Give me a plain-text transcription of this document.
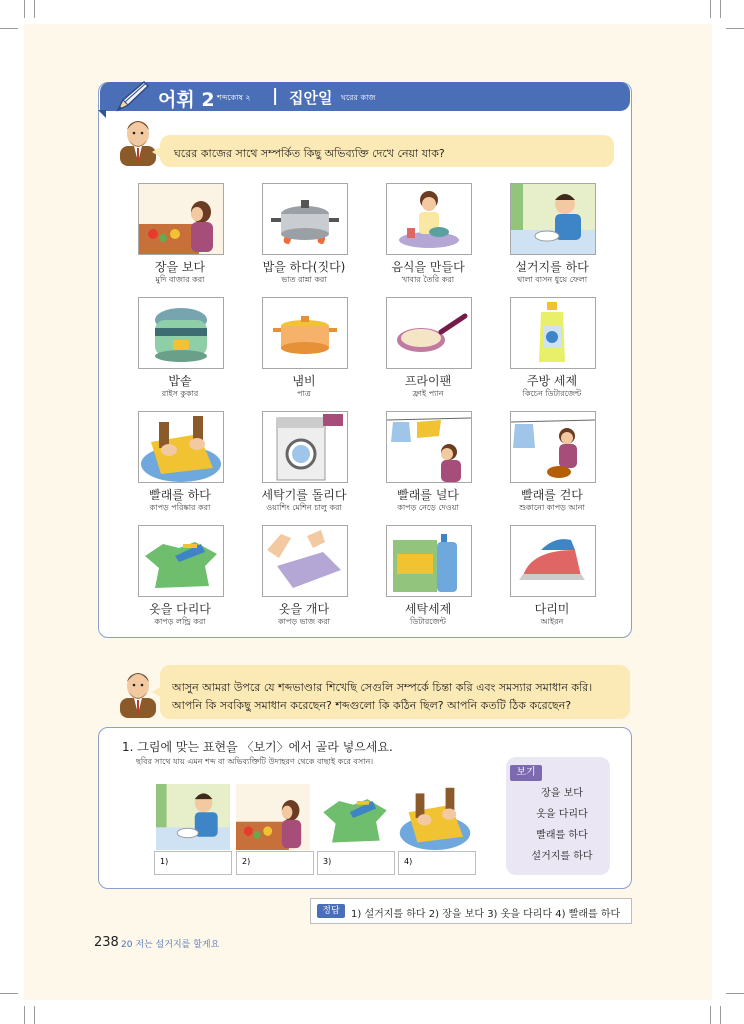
어휘 2 শব্দকোষ ২ | 집안일 ঘরের কাজ
ঘরের কাজের সাথে সম্পর্কিত কিছু অভিব্যক্তি দেখে নেয়া যাক?
장을 보다
মুদি বাজার করা
밥을 하다(짓다)
ভাত রান্না করা
음식을 만들다
খাবার তৈরি করা
설거지를 하다
থালা বাসন ধুয়ে ফেলা
밥솥
রাইস কুকার
냄비
পাত্র
프라이팬
ফ্রাই প্যান
주방 세제
কিচেন ডিটারজেন্ট
빨래를 하다
কাপড় পরিষ্কার করা
세탁기를 돌리다
ওয়াশিং মেশিন চালু করা
빨래를 널다
কাপড় নেড়ে দেওয়া
빨래를 걷다
শুকানো কাপড় আনা
옷을 다리다
কাপড় লন্ড্রি করা
옷을 개다
কাপড় ভাজ করা
세탁세제
ডিটারজেন্ট
다리미
আইরন
আসুন আমরা উপরে যে শব্দভাণ্ডার শিখেছি সেগুলি সম্পর্কে চিন্তা করি এবং সমস্যার সমাধান করি।
আপনি কি সবকিছু সমাধান করেছেন? শব্দগুলো কি কঠিন ছিল? আপনি কতটি ঠিক করেছেন?
1. 그림에 맞는 표현을 〈보기〉에서 골라 넣으세요.
ছবির সাথে যায় এমন শব্দ বা অভিব্যক্তিটি উদাহরণ থেকে বাছাই করে বসান।
1)	2)	3)	4)
보기
장을 보다
옷을 다리다
빨래를 하다
설거지를 하다
정답	1) 설거지를 하다 2) 장을 보다 3) 옷을 다리다 4) 빨래를 하다
238 20 저는 설거지를 할게요
